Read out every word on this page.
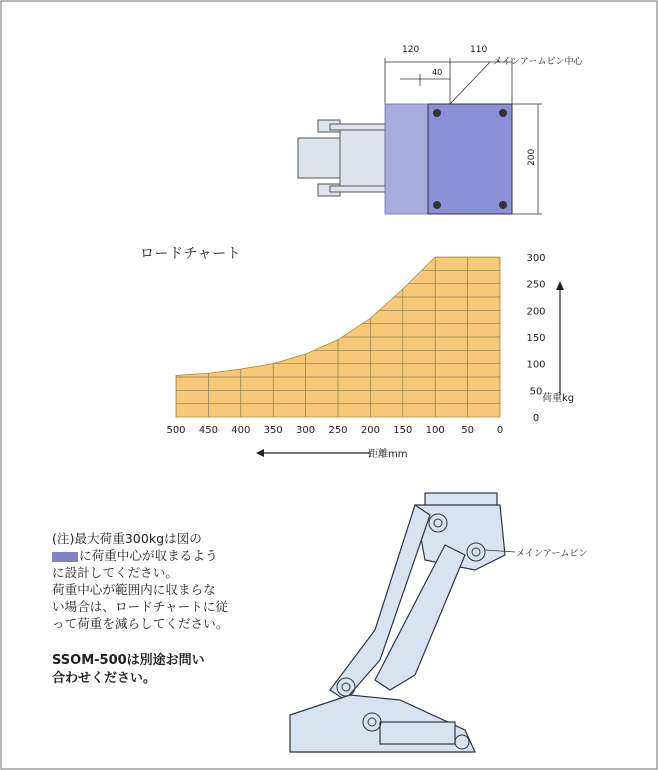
120	110
40
200
メインアームピン中心
ロードチャート
500 450 400 350 300 250 200 150 100 50 0
300
250
200
150
100
50
0
荷重kg
距離mm
メインアームピン

(注)最大荷重300kgは図の

に荷重中心が収まるよう

に設計してください。

荷重中心が範囲内に収まらな

い場合は、ロードチャートに従

って荷重を減らしてください。

SSOM-500は別途お問い
合わせください。
